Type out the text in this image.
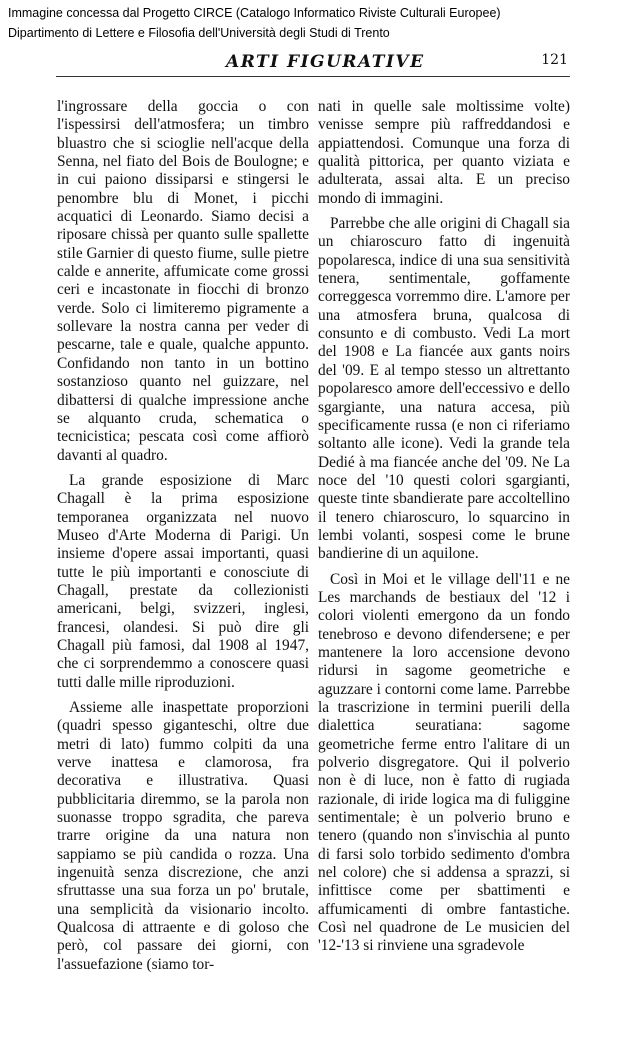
Immagine concessa dal Progetto CIRCE (Catalogo Informatico Riviste Culturali Europee)
Dipartimento di Lettere e Filosofia dell'Università degli Studi di Trento
ARTI FIGURATIVE	121

l'ingrossare della goccia o con l'ispessirsi dell'atmosfera; un timbro bluastro che si scioglie nell'acque della Senna, nel fiato del Bois de Boulogne; e in cui paiono dissiparsi e stingersi le penombre blu di Monet, i picchi acquatici di Leonardo. Siamo decisi a riposare chissà per quanto sulle spallette stile Garnier di questo fiume, sulle pietre calde e annerite, affumicate come grossi ceri e incastonate in fiocchi di bronzo verde. Solo ci limiteremo pigramente a sollevare la nostra canna per veder di pescarne, tale e quale, qualche appunto. Confidando non tanto in un bottino sostanzioso quanto nel guizzare, nel dibattersi di qualche impressione anche se alquanto cruda, schematica o tecnicistica; pescata così come affiorò davanti al quadro.

La grande esposizione di Marc Chagall è la prima esposizione temporanea organizzata nel nuovo Museo d'Arte Moderna di Parigi. Un insieme d'opere assai importanti, quasi tutte le più importanti e conosciute di Chagall, prestate da collezionisti americani, belgi, svizzeri, inglesi, francesi, olandesi. Si può dire gli Chagall più famosi, dal 1908 al 1947, che ci sorprendemmo a conoscere quasi tutti dalle mille riproduzioni.

Assieme alle inaspettate proporzioni (quadri spesso giganteschi, oltre due metri di lato) fummo colpiti da una verve inattesa e clamorosa, fra decorativa e illustrativa. Quasi pubblicitaria diremmo, se la parola non suonasse troppo sgradita, che pareva trarre origine da una natura non sappiamo se più candida o rozza. Una ingenuità senza discrezione, che anzi sfruttasse una sua forza un po' brutale, una semplicità da visionario incolto. Qualcosa di attraente e di goloso che però, col passare dei giorni, con l'assuefazione (siamo tor-

nati in quelle sale moltissime volte) venisse sempre più raffreddandosi e appiattendosi. Comunque una forza di qualità pittorica, per quanto viziata e adulterata, assai alta. E un preciso mondo di immagini.

Parrebbe che alle origini di Chagall sia un chiaroscuro fatto di ingenuità popolaresca, indice di una sua sensitività tenera, sentimentale, goffamente correggesca vorremmo dire. L'amore per una atmosfera bruna, qualcosa di consunto e di combusto. Vedi La mort del 1908 e La fiancée aux gants noirs del '09. E al tempo stesso un altrettanto popolaresco amore dell'eccessivo e dello sgargiante, una natura accesa, più specificamente russa (e non ci riferiamo soltanto alle icone). Vedi la grande tela Dedié à ma fiancée anche del '09. Ne La noce del '10 questi colori sgargianti, queste tinte sbandierate pare accoltellino il tenero chiaroscuro, lo squarcino in lembi volanti, sospesi come le brune bandierine di un aquilone.

Così in Moi et le village dell'11 e ne Les marchands de bestiaux del '12 i colori violenti emergono da un fondo tenebroso e devono difendersene; e per mantenere la loro accensione devono ridursi in sagome geometriche e aguzzare i contorni come lame. Parrebbe la trascrizione in termini puerili della dialettica seuratiana: sagome geometriche ferme entro l'alitare di un polverio disgregatore. Qui il polverio non è di luce, non è fatto di rugiada razionale, di iride logica ma di fuliggine sentimentale; è un polverio bruno e tenero (quando non s'invischia al punto di farsi solo torbido sedimento d'ombra nel colore) che si addensa a sprazzi, si infittisce come per sbattimenti e affumicamenti di ombre fantastiche. Così nel quadrone de Le musicien del '12-'13 si rinviene una sgradevole
